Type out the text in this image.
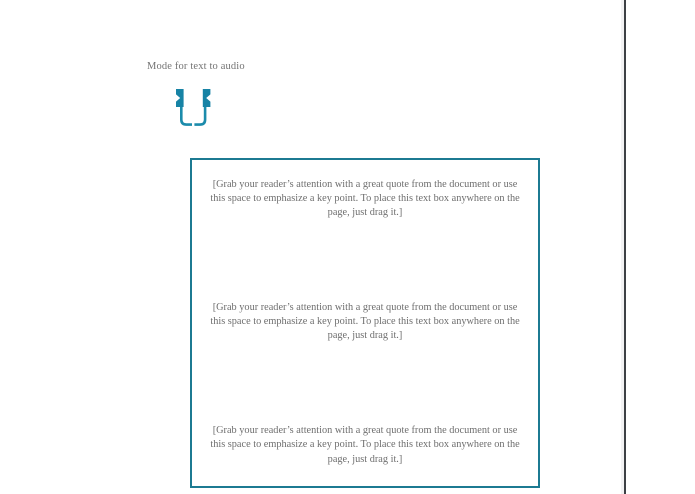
Mode for text to audio

[Grab your reader’s attention with a great quote from the document or use this space to emphasize a key point. To place this text box anywhere on the page, just drag it.]

[Grab your reader’s attention with a great quote from the document or use this space to emphasize a key point. To place this text box anywhere on the page, just drag it.]

[Grab your reader’s attention with a great quote from the document or use this space to emphasize a key point. To place this text box anywhere on the page, just drag it.]
